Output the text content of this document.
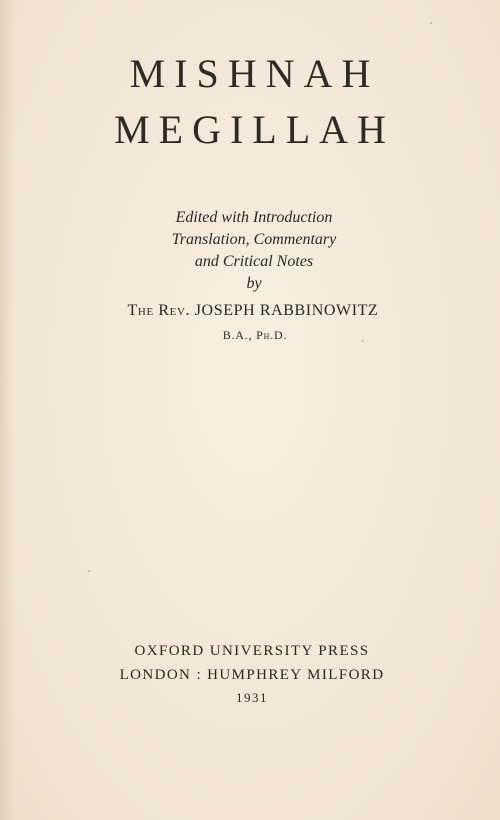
MISHNAH
MEGILLAH
Edited with Introduction
Translation, Commentary
and Critical Notes
by
The Rev. JOSEPH RABBINOWITZ
B.A., Ph.D.
OXFORD UNIVERSITY PRESS
LONDON : HUMPHREY MILFORD
1931
